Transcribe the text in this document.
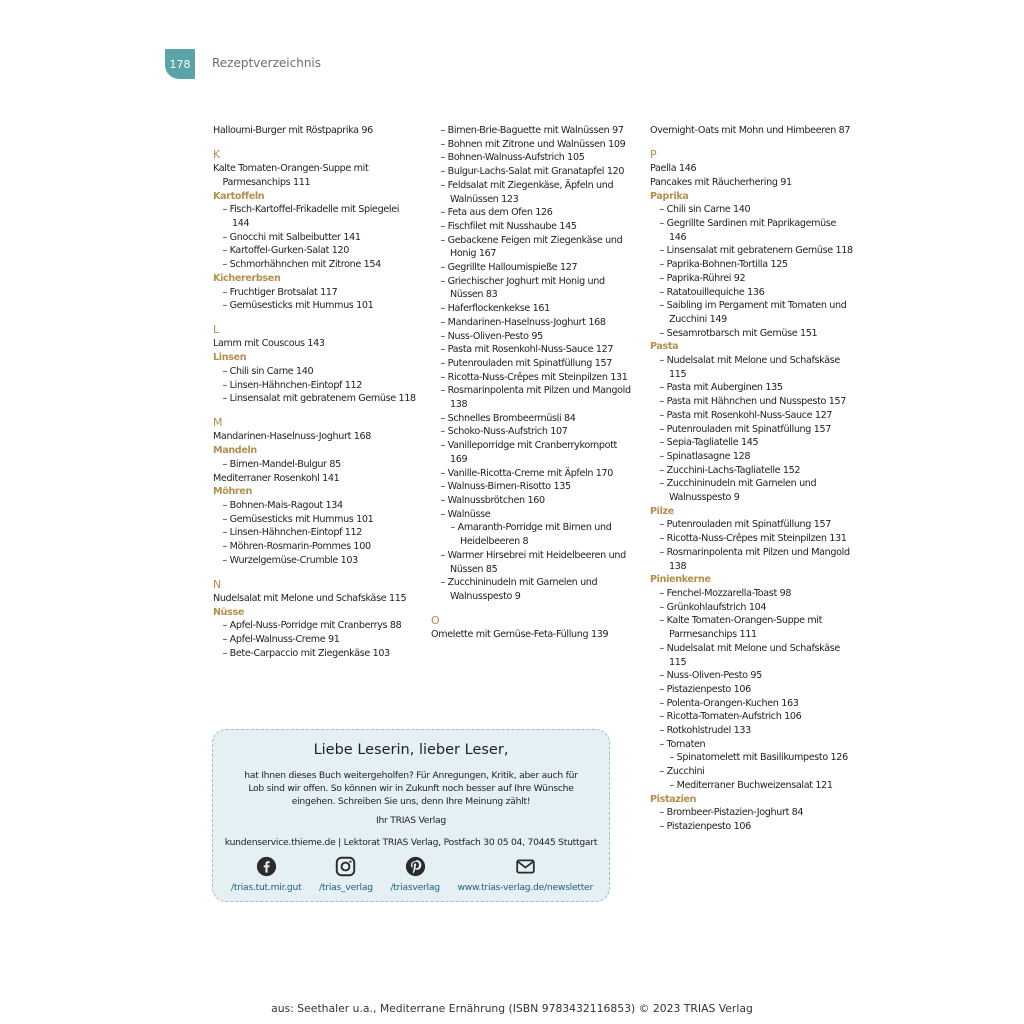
178	Rezeptverzeichnis
Halloumi-Burger mit Röstpaprika 96
K
Kalte Tomaten-Orangen-Suppe mit Parmesanchips 111
Kartoffeln
– Fisch-Kartoffel-Frikadelle mit Spiegelei 144
– Gnocchi mit Salbeibutter 141
– Kartoffel-Gurken-Salat 120
– Schmorhähnchen mit Zitrone 154
Kichererbsen
– Fruchtiger Brotsalat 117
– Gemüsesticks mit Hummus 101
L
Lamm mit Couscous 143
Linsen
– Chili sin Carne 140
– Linsen-Hähnchen-Eintopf 112
– Linsensalat mit gebratenem Gemüse 118
M
Mandarinen-Haselnuss-Joghurt 168
Mandeln
– Birnen-Mandel-Bulgur 85
Mediterraner Rosenkohl 141
Möhren
– Bohnen-Mais-Ragout 134
– Gemüsesticks mit Hummus 101
– Linsen-Hähnchen-Eintopf 112
– Möhren-Rosmarin-Pommes 100
– Wurzelgemüse-Crumble 103
N
Nudelsalat mit Melone und Schafskäse 115
Nüsse
– Apfel-Nuss-Porridge mit Cranberrys 88
– Apfel-Walnuss-Creme 91
– Bete-Carpaccio mit Ziegenkäse 103
– Bimen-Brie-Baguette mit Walnüssen 97
– Bohnen mit Zitrone und Walnüssen 109
– Bohnen-Walnuss-Aufstrich 105
– Bulgur-Lachs-Salat mit Granatapfel 120
– Feldsalat mit Ziegenkäse, Äpfeln und Walnüssen 123
– Feta aus dem Ofen 126
– Fischfilet mit Nusshaube 145
– Gebackene Feigen mit Ziegenkäse und Honig 167
– Gegrillte Halloumispieße 127
– Griechischer Joghurt mit Honig und Nüssen 83
– Haferflockenkekse 161
– Mandarinen-Haselnuss-Joghurt 168
– Nuss-Oliven-Pesto 95
– Pasta mit Rosenkohl-Nuss-Sauce 127
– Putenrouladen mit Spinatfüllung 157
– Ricotta-Nuss-Crêpes mit Steinpilzen 131
– Rosmarinpolenta mit Pilzen und Mangold 138
– Schnelles Brombeermüsli 84
– Schoko-Nuss-Aufstrich 107
– Vanilleporridge mit Cranberrykompott 169
– Vanille-Ricotta-Creme mit Äpfeln 170
– Walnuss-Birnen-Risotto 135
– Walnussbrötchen 160
– Walnüsse
– Amaranth-Porridge mit Birnen und Heidelbeeren 8
– Warmer Hirsebrei mit Heidelbeeren und Nüssen 85
– Zucchininudeln mit Garnelen und Walnusspesto 9
O
Omelette mit Gemüse-Feta-Füllung 139
Overnight-Oats mit Mohn und Himbeeren 87
P
Paella 146
Pancakes mit Räucherhering 91
Paprika
– Chili sin Carne 140
– Gegrillte Sardinen mit Paprikagemüse 146
– Linsensalat mit gebratenem Gemüse 118
– Paprika-Bohnen-Tortilla 125
– Paprika-Rührei 92
– Ratatouillequiche 136
– Saibling im Pergament mit Tomaten und Zucchini 149
– Sesamrotbarsch mit Gemüse 151
Pasta
– Nudelsalat mit Melone und Schafskäse 115
– Pasta mit Auberginen 135
– Pasta mit Hähnchen und Nusspesto 157
– Pasta mit Rosenkohl-Nuss-Sauce 127
– Putenrouladen mit Spinatfüllung 157
– Sepia-Tagliatelle 145
– Spinatlasagne 128
– Zucchini-Lachs-Tagliatelle 152
– Zucchininudeln mit Garnelen und Walnusspesto 9
Pilze
– Putenrouladen mit Spinatfüllung 157
– Ricotta-Nuss-Crêpes mit Steinpilzen 131
– Rosmarinpolenta mit Pilzen und Mangold 138
Pinienkerne
– Fenchel-Mozzarella-Toast 98
– Grünkohlaufstrich 104
– Kalte Tomaten-Orangen-Suppe mit Parmesanchips 111
– Nudelsalat mit Melone und Schafskäse 115
– Nuss-Oliven-Pesto 95
– Pistazienpesto 106
– Polenta-Orangen-Kuchen 163
– Ricotta-Tomaten-Aufstrich 106
– Rotkohlstrudel 133
– Tomaten
– Spinatomelett mit Basilikumpesto 126
– Zucchini
– Mediterraner Buchweizensalat 121
Pistazien
– Brombeer-Pistazien-Joghurt 84
– Pistazienpesto 106
Liebe Leserin, lieber Leser,
hat Ihnen dieses Buch weitergeholfen? Für Anregungen, Kritik, aber auch für Lob sind wir offen. So können wir in Zukunft noch besser auf Ihre Wünsche eingehen. Schreiben Sie uns, denn Ihre Meinung zählt!
Ihr TRIAS Verlag
kundenservice.thieme.de | Lektorat TRIAS Verlag, Postfach 30 05 04, 70445 Stuttgart
/trias.tut.mir.gut /trias_verlag /triasverlag www.trias-verlag.de/newsletter
aus: Seethaler u.a., Mediterrane Ernährung (ISBN 9783432116853) © 2023 TRIAS Verlag
